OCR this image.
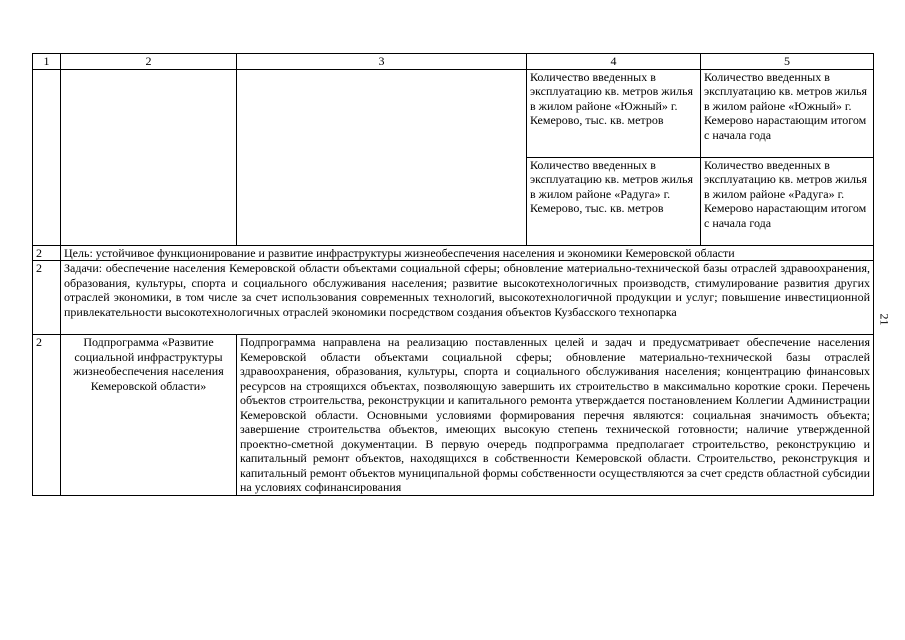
1	2	3	4	5
			Количество введенных в эксплуатацию кв. метров жилья в жилом районе «Южный» г. Кемерово, тыс. кв. метров	Количество введенных в эксплуатацию кв. метров жилья в жилом районе «Южный» г. Кемерово нарастающим итогом с начала года
			Количество введенных в эксплуатацию кв. метров жилья в жилом районе «Радуга» г. Кемерово, тыс. кв. метров	Количество введенных в эксплуатацию кв. метров жилья в жилом районе «Радуга» г. Кемерово нарастающим итогом с начала года
2	Цель: устойчивое функционирование и развитие инфраструктуры жизнеобеспечения населения и экономики Кемеровской области			
2	Задачи: обеспечение населения Кемеровской области объектами социальной сферы; обновление материально-технической базы отраслей здравоохранения, образования, культуры, спорта и социального обслуживания населения; развитие высокотехнологичных производств, стимулирование развития других отраслей экономики, в том числе за счет использования современных технологий, высокотехнологичной продукции и услуг; повышение инвестиционной привлекательности высокотехнологичных отраслей экономики посредством создания объектов Кузбасского технопарка			
2	Подпрограмма «Развитие социальной инфраструктуры жизнеобеспечения населения Кемеровской области»	Подпрограмма направлена на реализацию поставленных целей и задач и предусматривает обеспечение населения Кемеровской области объектами социальной сферы; обновление материально-технической базы отраслей здравоохранения, образования, культуры, спорта и социального обслуживания населения; концентрацию финансовых ресурсов на строящихся объектах, позволяющую завершить их строительство в максимально короткие сроки. Перечень объектов строительства, реконструкции и капитального ремонта утверждается постановлением Коллегии Администрации Кемеровской области. Основными условиями формирования перечня являются: социальная значимость объекта; завершение строительства объектов, имеющих высокую степень технической готовности; наличие утвержденной проектно-сметной документации. В первую очередь подпрограмма предполагает строительство, реконструкцию и капитальный ремонт объектов, находящихся в собственности Кемеровской области. Строительство, реконструкция и капитальный ремонт объектов муниципальной формы собственности осуществляются за счет средств областной субсидии на условиях софинансирования		
21
